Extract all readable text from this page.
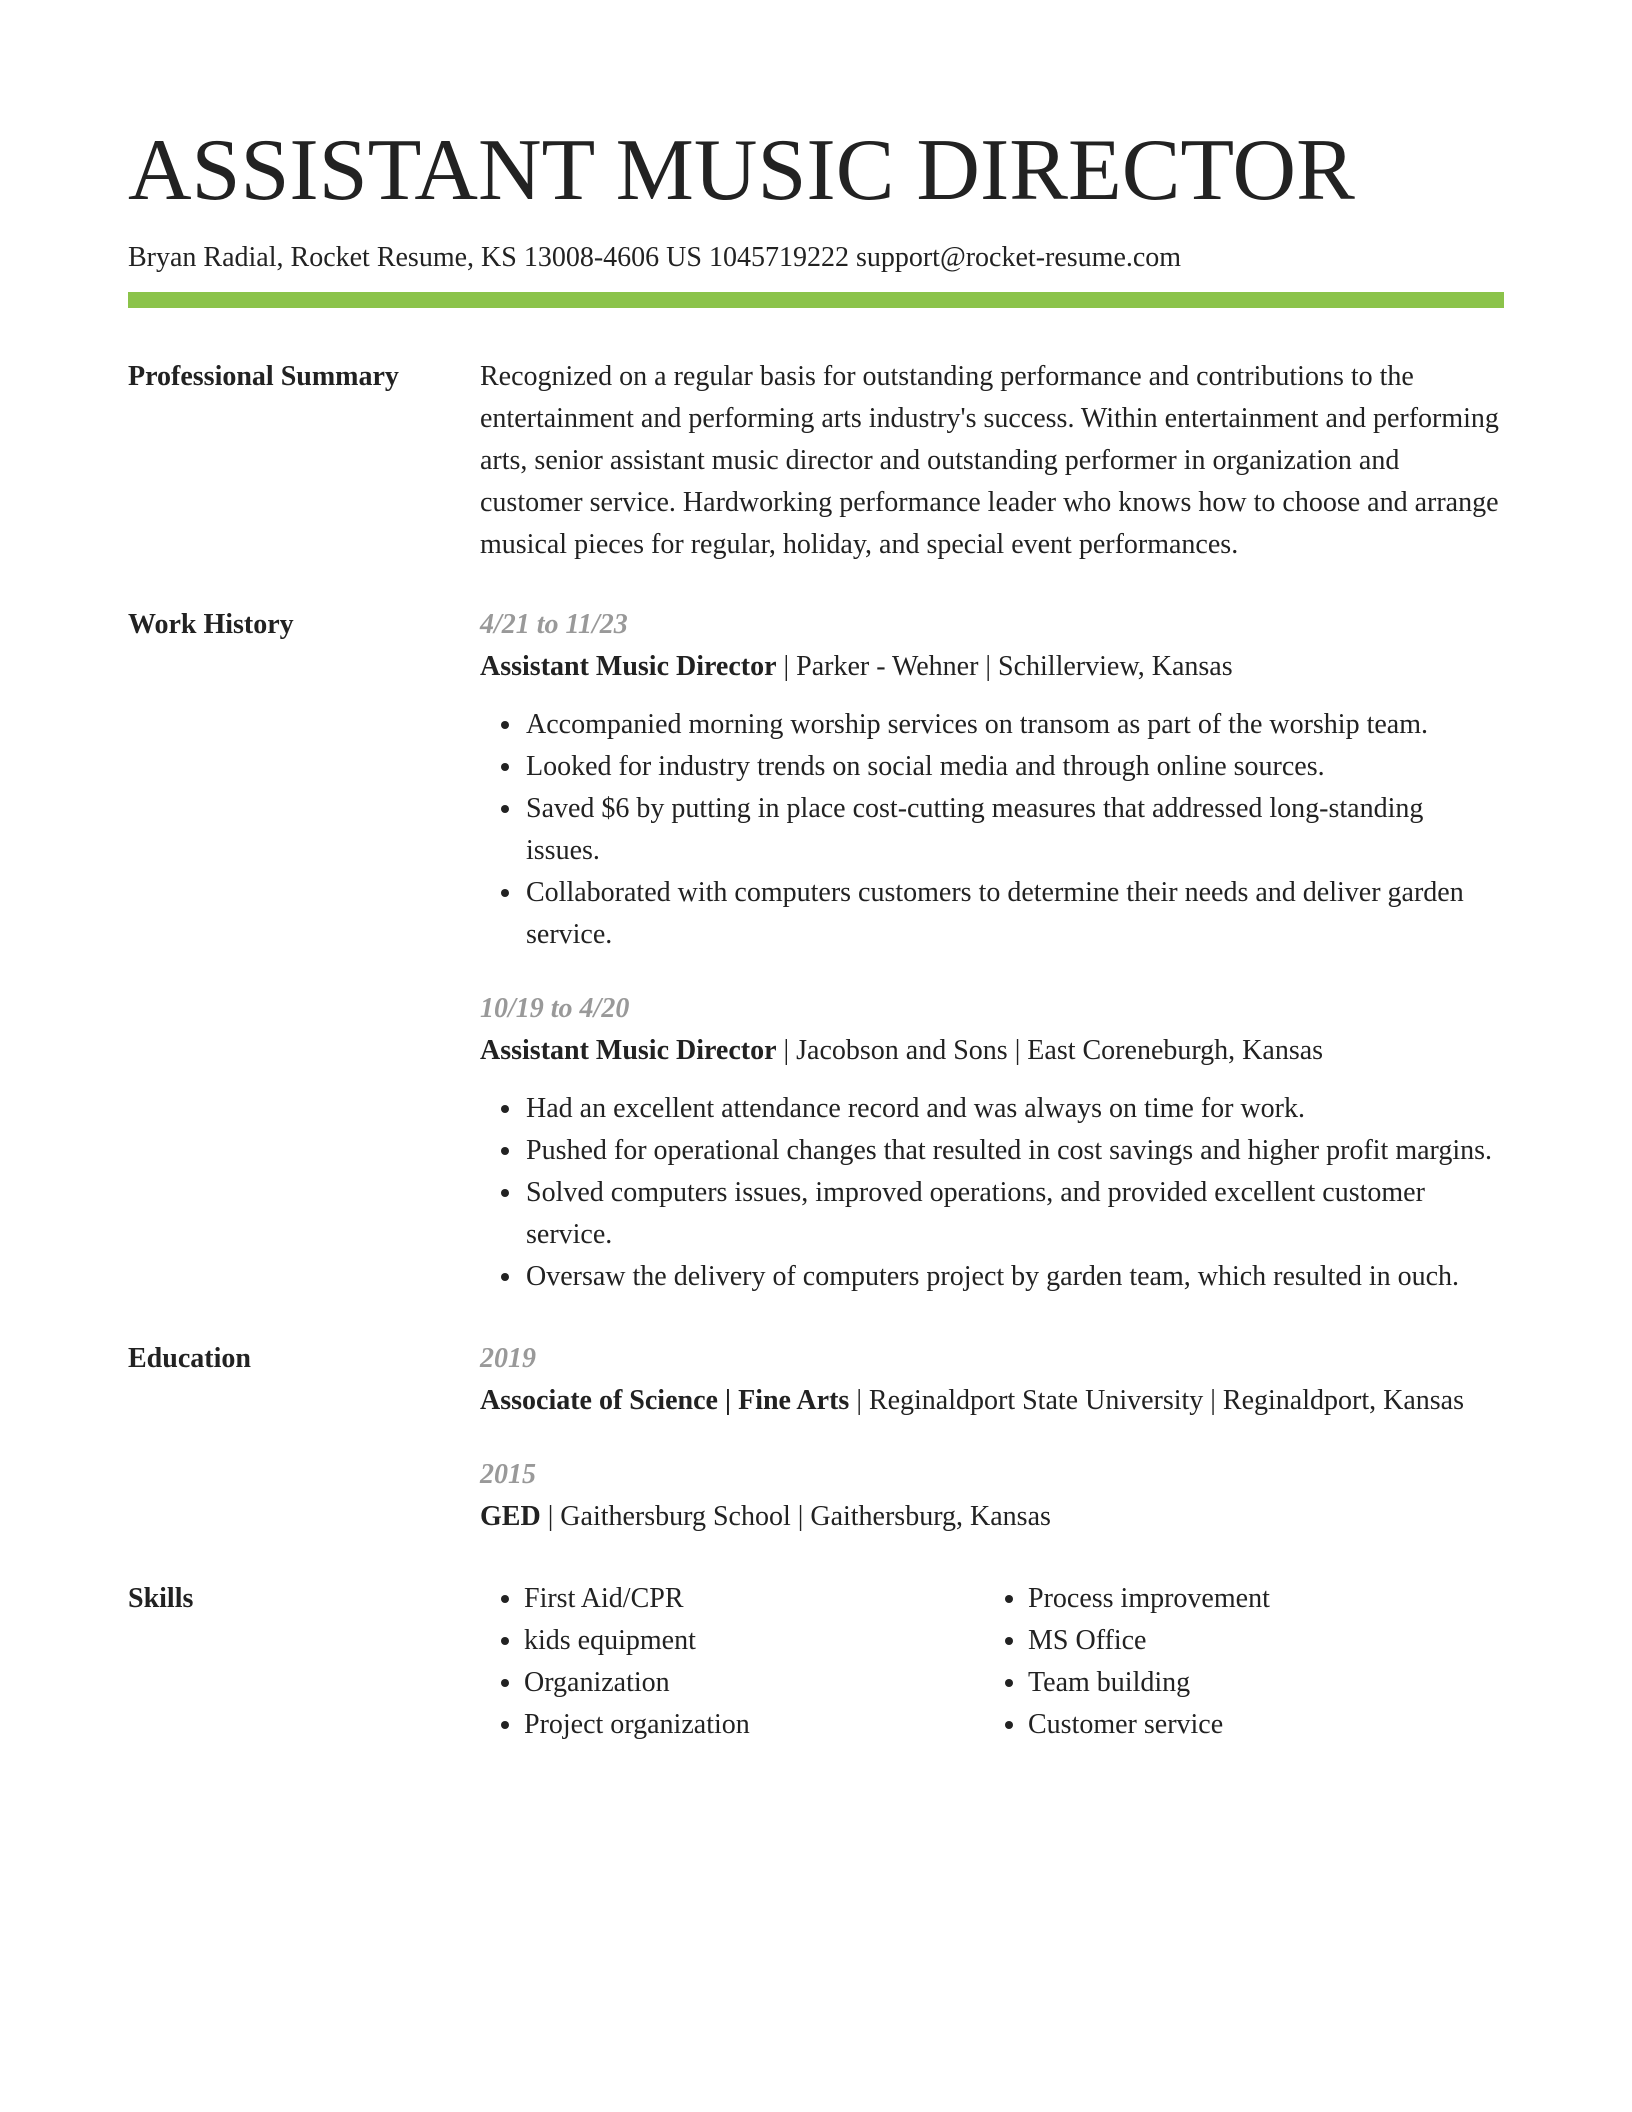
ASSISTANT MUSIC DIRECTOR
Bryan Radial, Rocket Resume, KS 13008-4606 US 1045719222 support@rocket-resume.com
Professional Summary	Recognized on a regular basis for outstanding performance and contributions to the entertainment and performing arts industry's success. Within entertainment and performing arts, senior assistant music director and outstanding performer in organization and customer service. Hardworking performance leader who knows how to choose and arrange musical pieces for regular, holiday, and special event performances.
Work History	4/21 to 11/23
Assistant Music Director | Parker - Wehner | Schillerview, Kansas
• Accompanied morning worship services on transom as part of the worship team.
• Looked for industry trends on social media and through online sources.
• Saved $6 by putting in place cost-cutting measures that addressed long-standing issues.
• Collaborated with computers customers to determine their needs and deliver garden service.
10/19 to 4/20
Assistant Music Director | Jacobson and Sons | East Coreneburgh, Kansas
• Had an excellent attendance record and was always on time for work.
• Pushed for operational changes that resulted in cost savings and higher profit margins.
• Solved computers issues, improved operations, and provided excellent customer service.
• Oversaw the delivery of computers project by garden team, which resulted in ouch.
Education	2019
Associate of Science | Fine Arts | Reginaldport State University | Reginaldport, Kansas
2015
GED | Gaithersburg School | Gaithersburg, Kansas
Skills
•	First Aid/CPR
• kids equipment
• Organization
• Project organization
• Process improvement
• MS Office
• Team building
• Customer service
